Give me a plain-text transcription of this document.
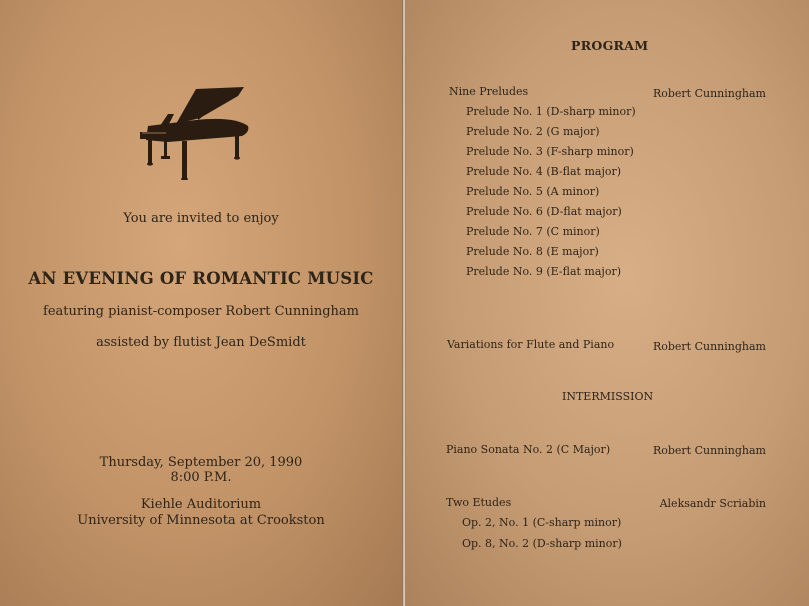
You are invited to enjoy
AN EVENING OF ROMANTIC MUSIC
featuring pianist-composer Robert Cunningham
assisted by flutist Jean DeSmidt
Thursday, September 20, 1990
8:00 P.M.
Kiehle Auditorium
University of Minnesota at Crookston
PROGRAM
Nine Preludes	Robert Cunningham
Prelude No. 1 (D-sharp minor)
Prelude No. 2 (G major)
Prelude No. 3 (F-sharp minor)
Prelude No. 4 (B-flat major)
Prelude No. 5 (A minor)
Prelude No. 6 (D-flat major)
Prelude No. 7 (C minor)
Prelude No. 8 (E major)
Prelude No. 9 (E-flat major)
Variations for Flute and Piano	Robert Cunningham
INTERMISSION
Piano Sonata No. 2 (C Major)	Robert Cunningham
Two Etudes	Aleksandr Scriabin
Op. 2, No. 1 (C-sharp minor)
Op. 8, No. 2 (D-sharp minor)
